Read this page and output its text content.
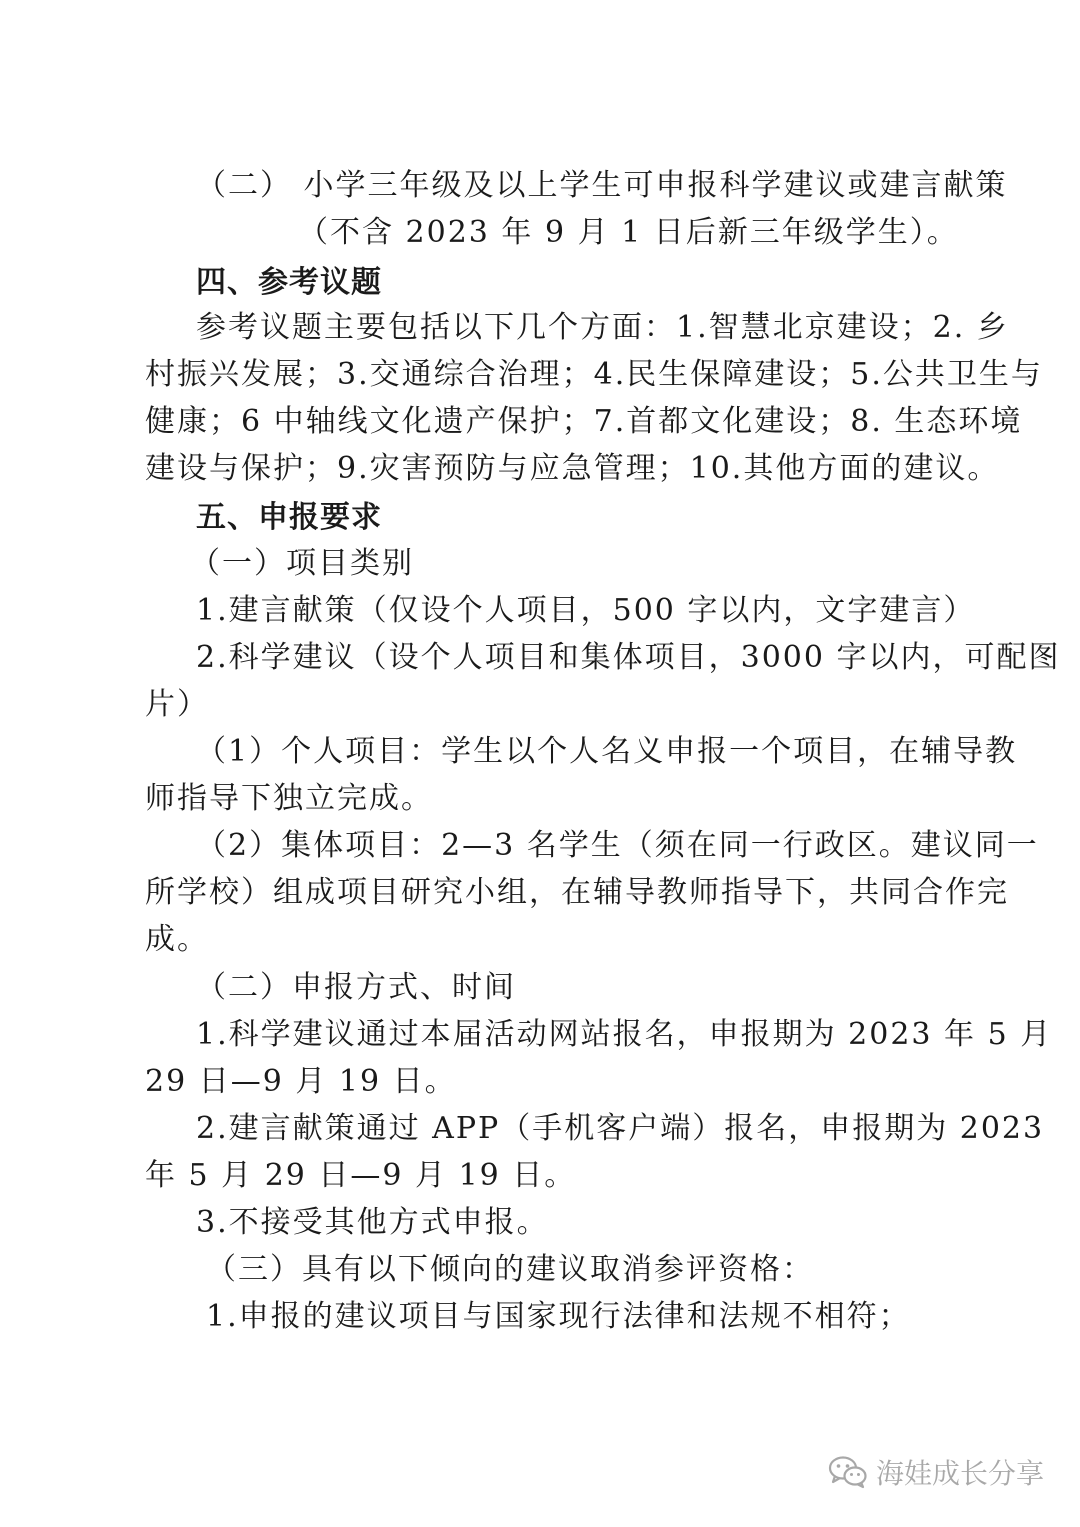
（二） 小学三年级及以上学生可申报科学建议或建言献策
（不含 2023 年 9 月 1 日后新三年级学生）。
四、参考议题
参考议题主要包括以下几个方面：1.智慧北京建设；2. 乡
村振兴发展；3.交通综合治理；4.民生保障建设；5.公共卫生与
健康；6 中轴线文化遗产保护；7.首都文化建设；8. 生态环境
建设与保护；9.灾害预防与应急管理；10.其他方面的建议。
五、申报要求
（一）项目类别
1.建言献策（仅设个人项目，500 字以内，文字建言）
2.科学建议（设个人项目和集体项目，3000 字以内，可配图
片）
（1）个人项目：学生以个人名义申报一个项目，在辅导教
师指导下独立完成。
（2）集体项目：2—3 名学生（须在同一行政区。建议同一
所学校）组成项目研究小组，在辅导教师指导下，共同合作完
成。
（二）申报方式、时间
1.科学建议通过本届活动网站报名，申报期为 2023 年 5 月
29 日—9 月 19 日。
2.建言献策通过 APP（手机客户端）报名，申报期为 2023
年 5 月 29 日—9 月 19 日。
3.不接受其他方式申报。
（三）具有以下倾向的建议取消参评资格：
1.申报的建议项目与国家现行法律和法规不相符；
海娃成长分享
